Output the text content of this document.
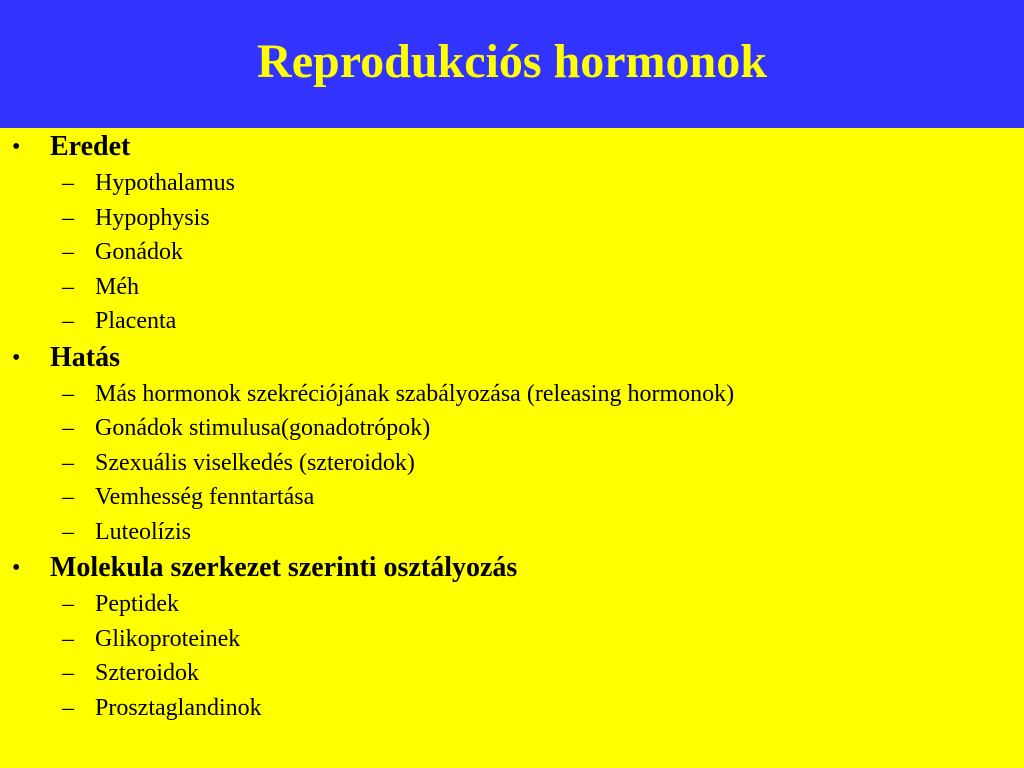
Reprodukciós hormonok
• Eredet
– Hypothalamus
– Hypophysis
– Gonádok
– Méh
– Placenta
• Hatás
– Más hormonok szekréciójának szabályozása (releasing hormonok)
– Gonádok stimulusa(gonadotrópok)
– Szexuális viselkedés (szteroidok)
– Vemhesség fenntartása
– Luteolízis
• Molekula szerkezet szerinti osztályozás
– Peptidek
– Glikoproteinek
– Szteroidok
– Prosztaglandinok
